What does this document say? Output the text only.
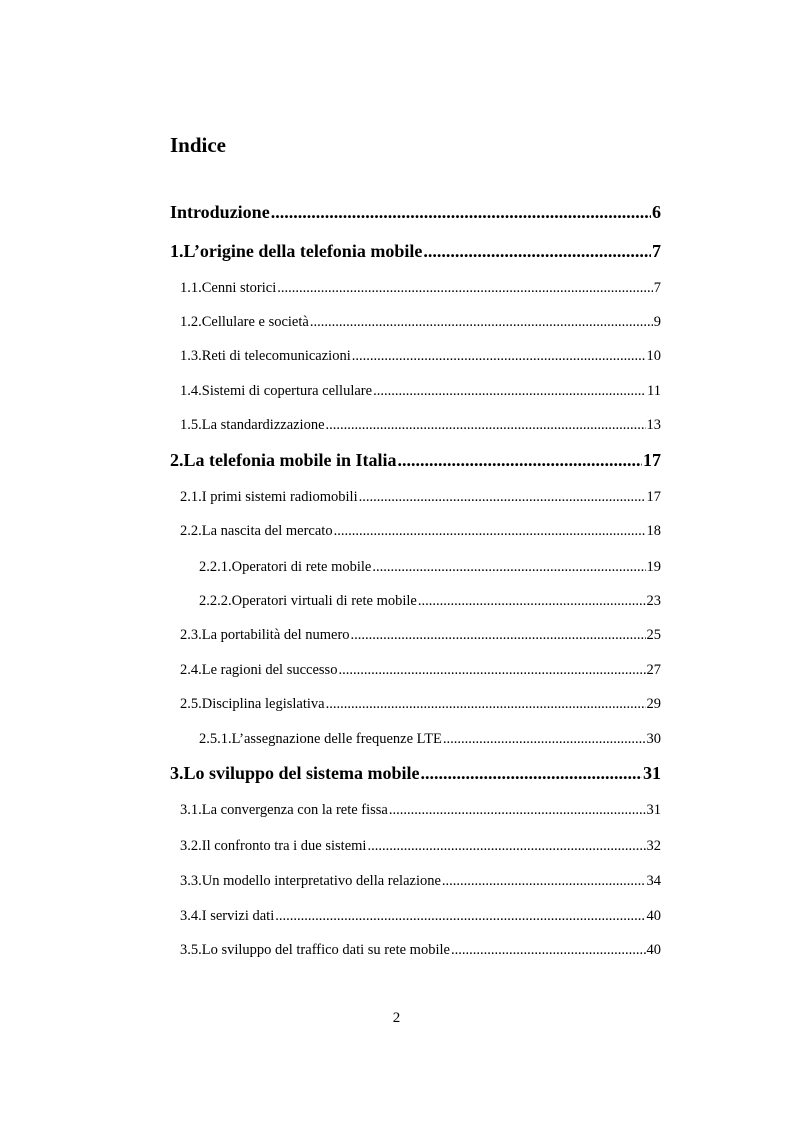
Indice
Introduzione .....	6
1. L’origine della telefonia mobile .....	7
1.1. Cenni storici .....	7
1.2. Cellulare e società .....	9
1.3. Reti di telecomunicazioni .....	10
1.4. Sistemi di copertura cellulare .....	11
1.5. La standardizzazione .....	13
2. La telefonia mobile in Italia .....	17
2.1. I primi sistemi radiomobili .....	17
2.2. La nascita del mercato .....	18
2.2.1. Operatori di rete mobile .....	19
2.2.2. Operatori virtuali di rete mobile .....	23
2.3. La portabilità del numero .....	25
2.4. Le ragioni del successo .....	27
2.5. Disciplina legislativa .....	29
2.5.1. L’assegnazione delle frequenze LTE .....	30
3. Lo sviluppo del sistema mobile .....	31
3.1. La convergenza con la rete fissa .....	31
3.2. Il confronto tra i due sistemi .....	32
3.3. Un modello interpretativo della relazione .....	34
3.4. I servizi dati .....	40
3.5. Lo sviluppo del traffico dati su rete mobile .....	40
2
